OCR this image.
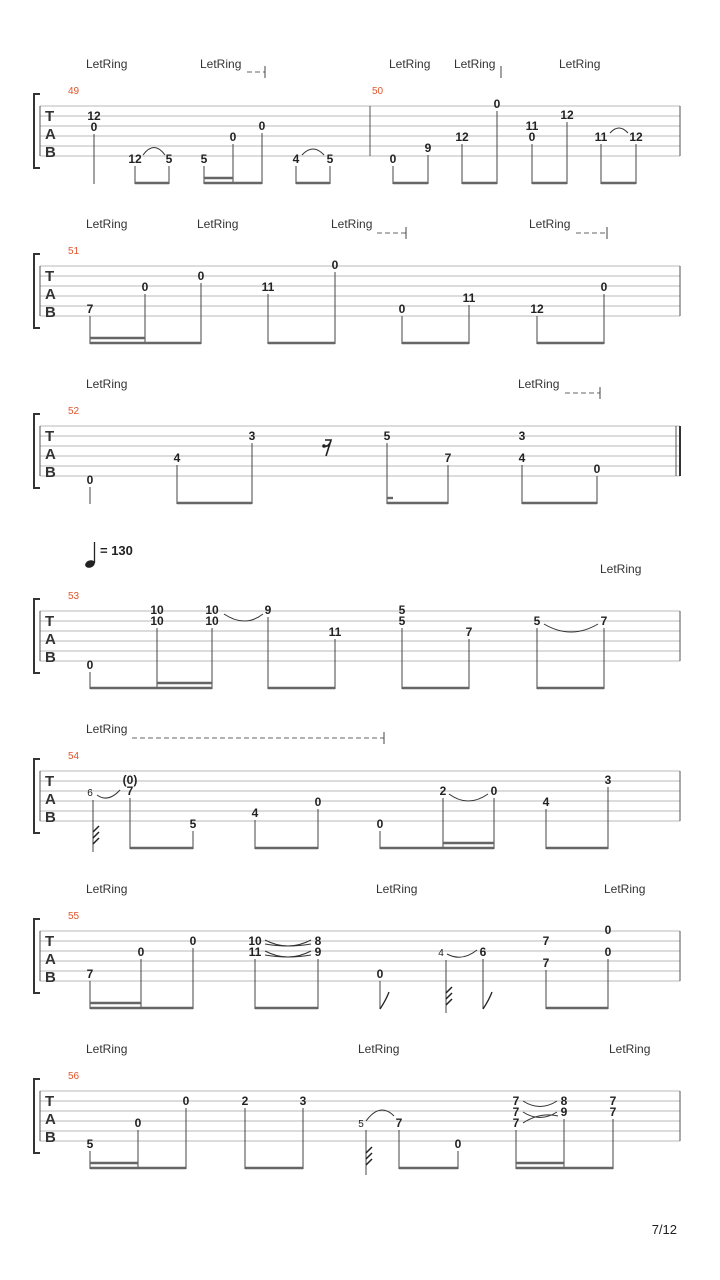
T
A
B
49	50
LetRing	LetRing	LetRing LetRing	LetRing
12
0
12 5 5
0
0
4 5	0
9
12
0
11
0
12
11 12
T
A
B
51
LetRing	LetRing	LetRing	LetRing
7
0
0
11
0
0
11
12
0
T
A
B
52
LetRing	LetRing
0
4
3	5
7
3
4
0
= 130
T
A
B
53
LetRing
0
10
10
10
10
9
11
5
5
7
5	7
T
A
B
54
LetRing
6
(0)
7
5
4
0
0
2	0
4
3
T
A
B
55
LetRing	LetRing	LetRing
7
0
0	10
11
8
9
0
4	6
7
7
0
0
T
A
B
56
LetRing	LetRing	LetRing
5
0
0	2	3
5	7
0
7
7
7
8
9
7
7
7/12
